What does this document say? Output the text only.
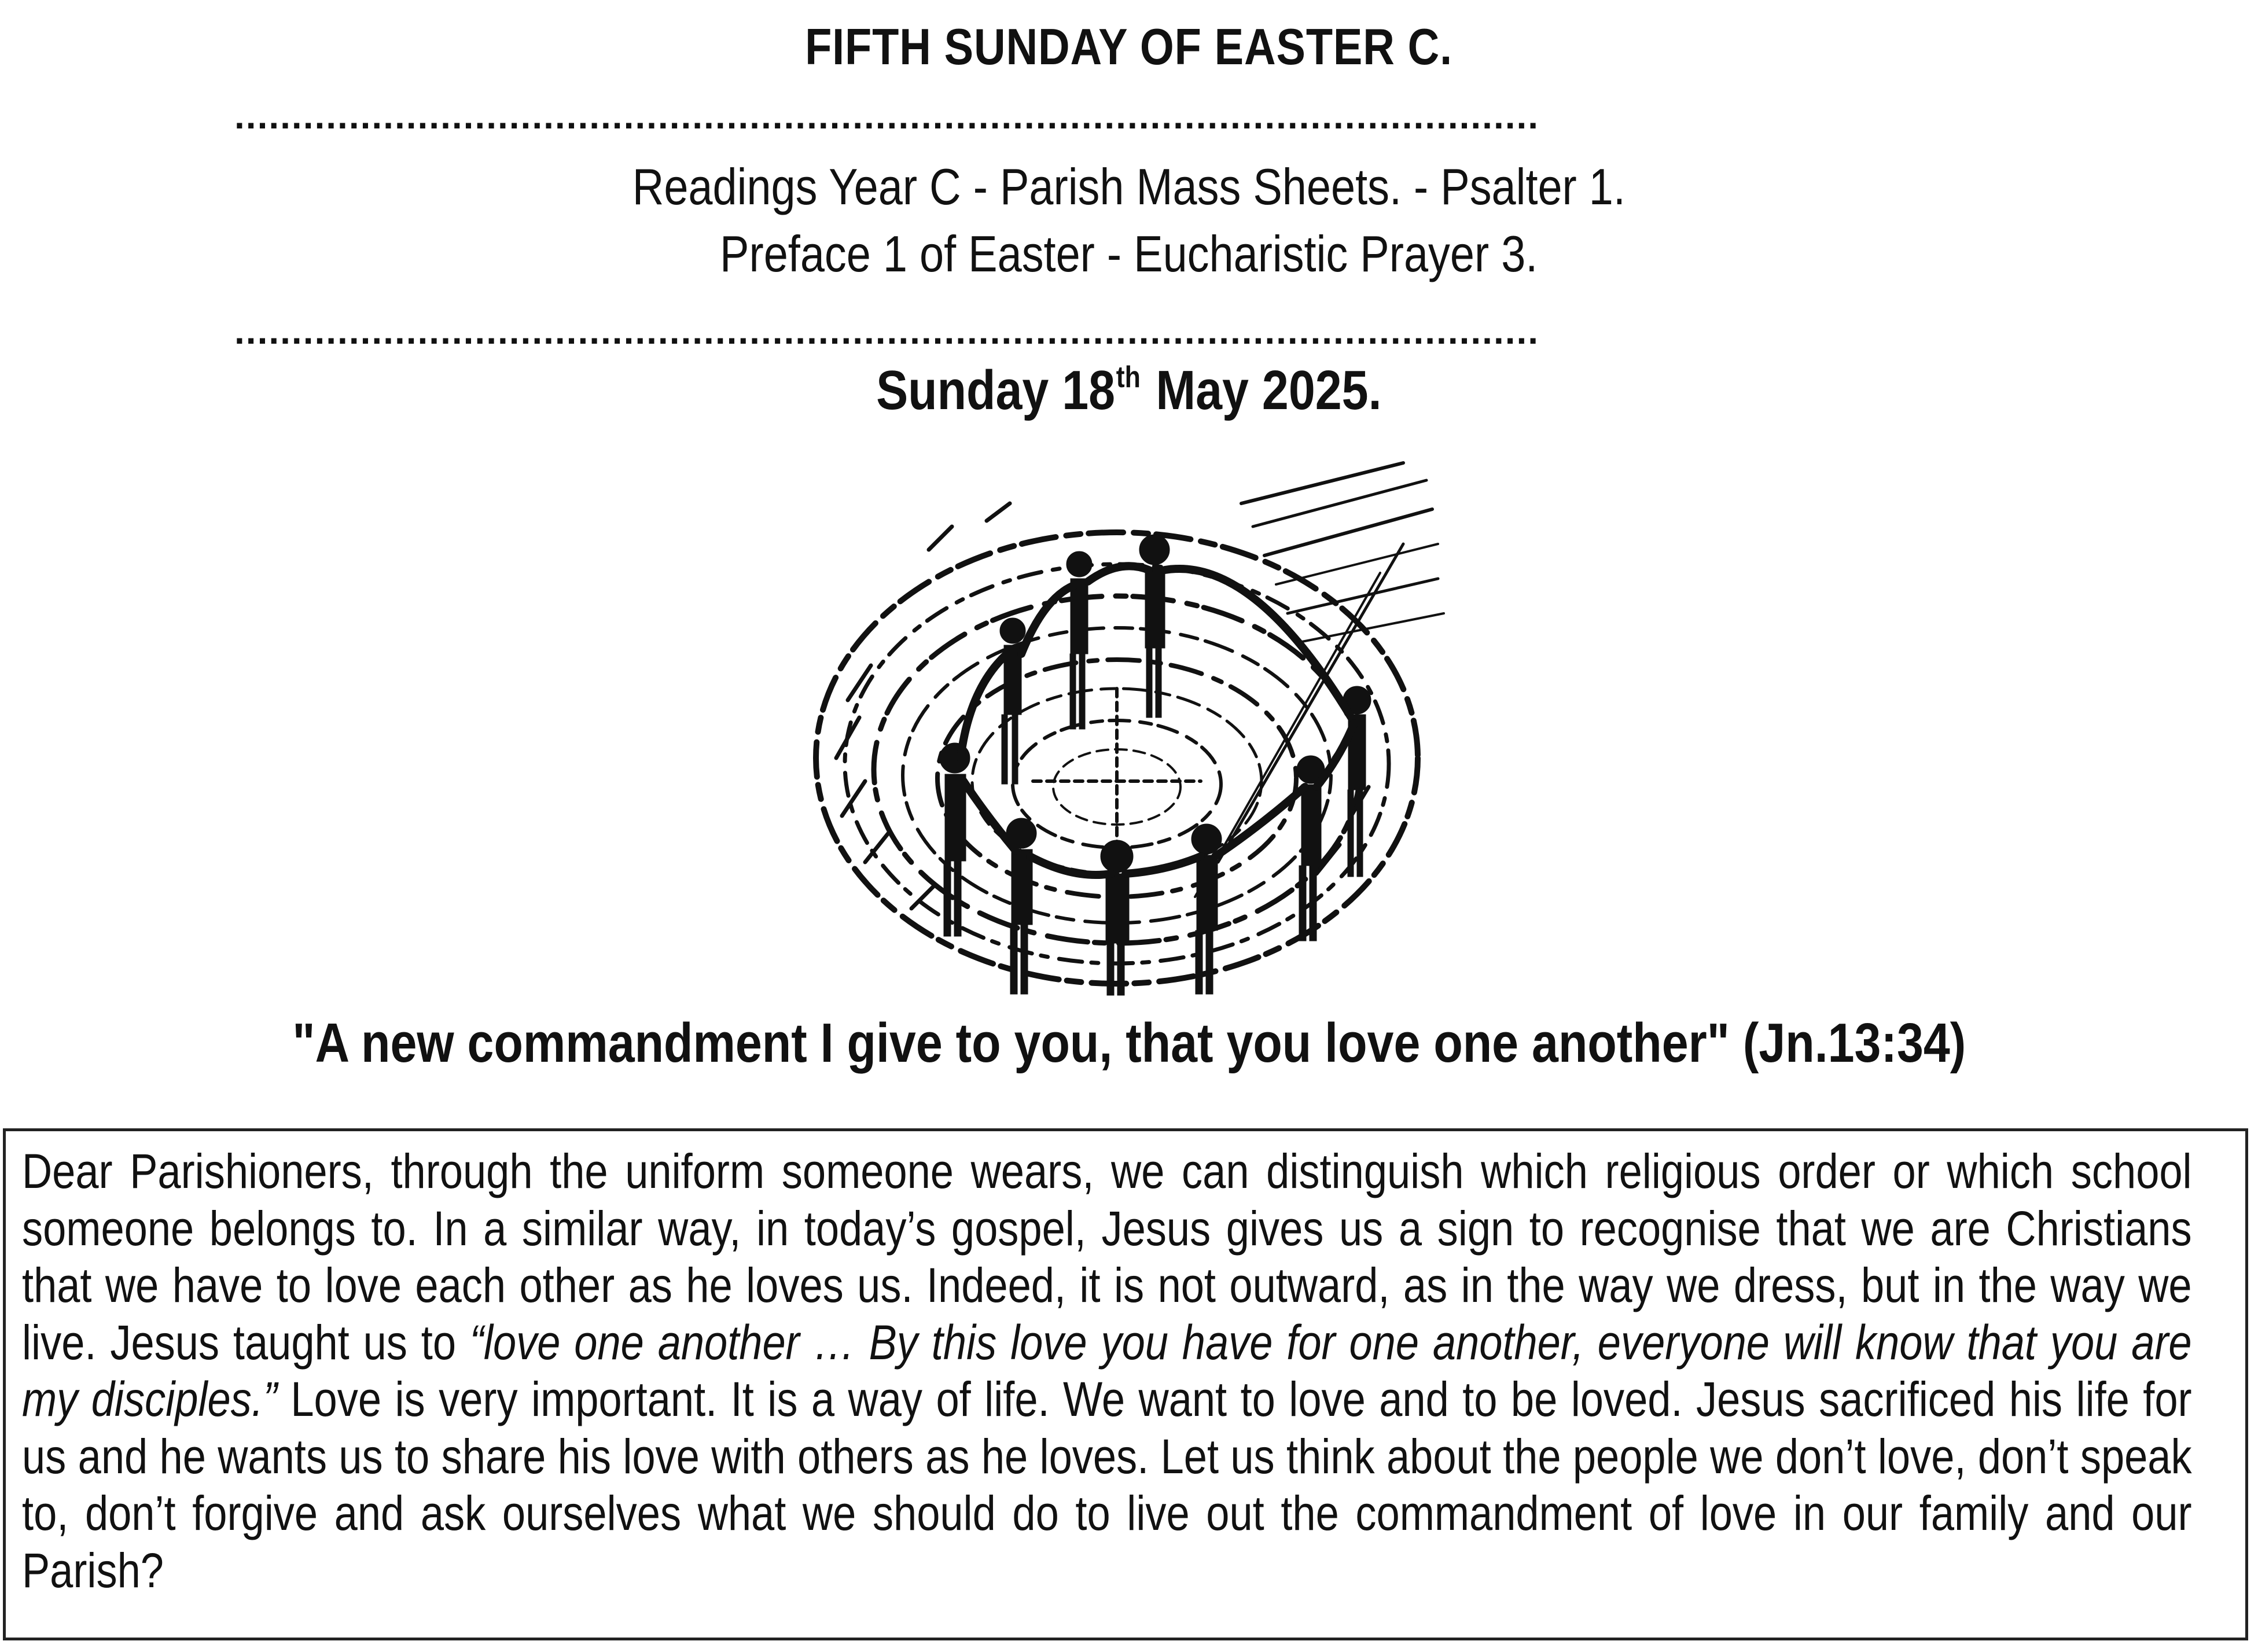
FIFTH SUNDAY OF EASTER C.
..................................................................................................................
Readings Year C - Parish Mass Sheets. - Psalter 1.
Preface 1 of Easter - Eucharistic Prayer 3.
..................................................................................................................
Sunday 18th May 2025.
"A new commandment I give to you, that you love one another" (Jn.13:34)

Dear Parishioners, through the uniform someone wears, we can distinguish which religious order or which school someone belongs to. In a similar way, in today’s gospel, Jesus gives us a sign to recognise that we are Christians that we have to love each other as he loves us. Indeed, it is not outward, as in the way we dress, but in the way we live. Jesus taught us to “love one another … By this love you have for one another, everyone will know that you are my disciples.” Love is very important. It is a way of life. We want to love and to be loved. Jesus sacrificed his life for us and he wants us to share his love with others as he loves. Let us think about the people we don’t love, don’t speak to, don’t forgive and ask ourselves what we should do to live out the commandment of love in our family and our Parish?
